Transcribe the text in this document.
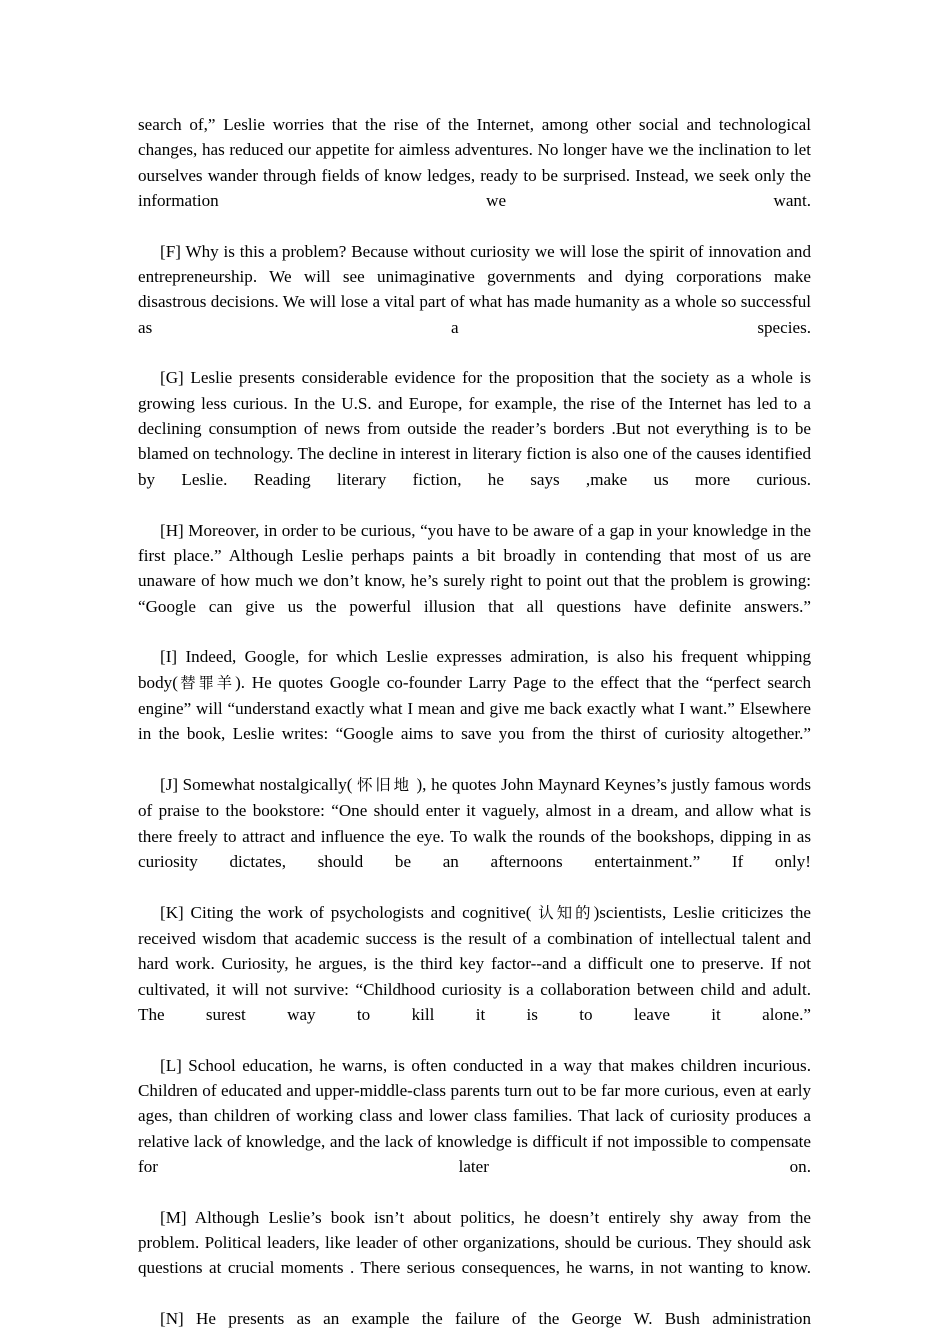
search of,” Leslie worries that the rise of the Internet, among other social and technological changes, has reduced our appetite for aimless adventures. No longer have we the inclination to let ourselves wander through fields of know ledges, ready to be surprised. Instead, we seek only the information we want.

[F] Why is this a problem? Because without curiosity we will lose the spirit of innovation and entrepreneurship. We will see unimaginative governments and dying corporations make disastrous decisions. We will lose a vital part of what has made humanity as a whole so successful as a species.

[G] Leslie presents considerable evidence for the proposition that the society as a whole is growing less curious. In the U.S. and Europe, for example, the rise of the Internet has led to a declining consumption of news from outside the reader’s borders .But not everything is to be blamed on technology. The decline in interest in literary fiction is also one of the causes identified by Leslie. Reading literary fiction, he says ,make us more curious.

[H] Moreover, in order to be curious, “you have to be aware of a gap in your knowledge in the first place.” Although Leslie perhaps paints a bit broadly in contending that most of us are unaware of how much we don’t know, he’s surely right to point out that the problem is growing: “Google can give us the powerful illusion that all questions have definite answers.”

[I] Indeed, Google, for which Leslie expresses admiration, is also his frequent whipping body(替罪羊). He quotes Google co-founder Larry Page to the effect that the “perfect search engine” will “understand exactly what I mean and give me back exactly what I want.” Elsewhere in the book, Leslie writes: “Google aims to save you from the thirst of curiosity altogether.”

[J] Somewhat nostalgically( 怀旧地 ), he quotes John Maynard Keynes’s justly famous words of praise to the bookstore: “One should enter it vaguely, almost in a dream, and allow what is there freely to attract and influence the eye. To walk the rounds of the bookshops, dipping in as curiosity dictates, should be an afternoons entertainment.” If only!

[K] Citing the work of psychologists and cognitive( 认知的)scientists, Leslie criticizes the received wisdom that academic success is the result of a combination of intellectual talent and hard work. Curiosity, he argues, is the third key factor--and a difficult one to preserve. If not cultivated, it will not survive: “Childhood curiosity is a collaboration between child and adult. The surest way to kill it is to leave it alone.”

[L] School education, he warns, is often conducted in a way that makes children incurious. Children of educated and upper-middle-class parents turn out to be far more curious, even at early ages, than children of working class and lower class families. That lack of curiosity produces a relative lack of knowledge, and the lack of knowledge is difficult if not impossible to compensate for later on.

[M] Although Leslie’s book isn’t about politics, he doesn’t entirely shy away from the problem. Political leaders, like leader of other organizations, should be curious. They should ask questions at crucial moments . There serious consequences, he warns, in not wanting to know.

[N] He presents as an example the failure of the George W. Bush administration
